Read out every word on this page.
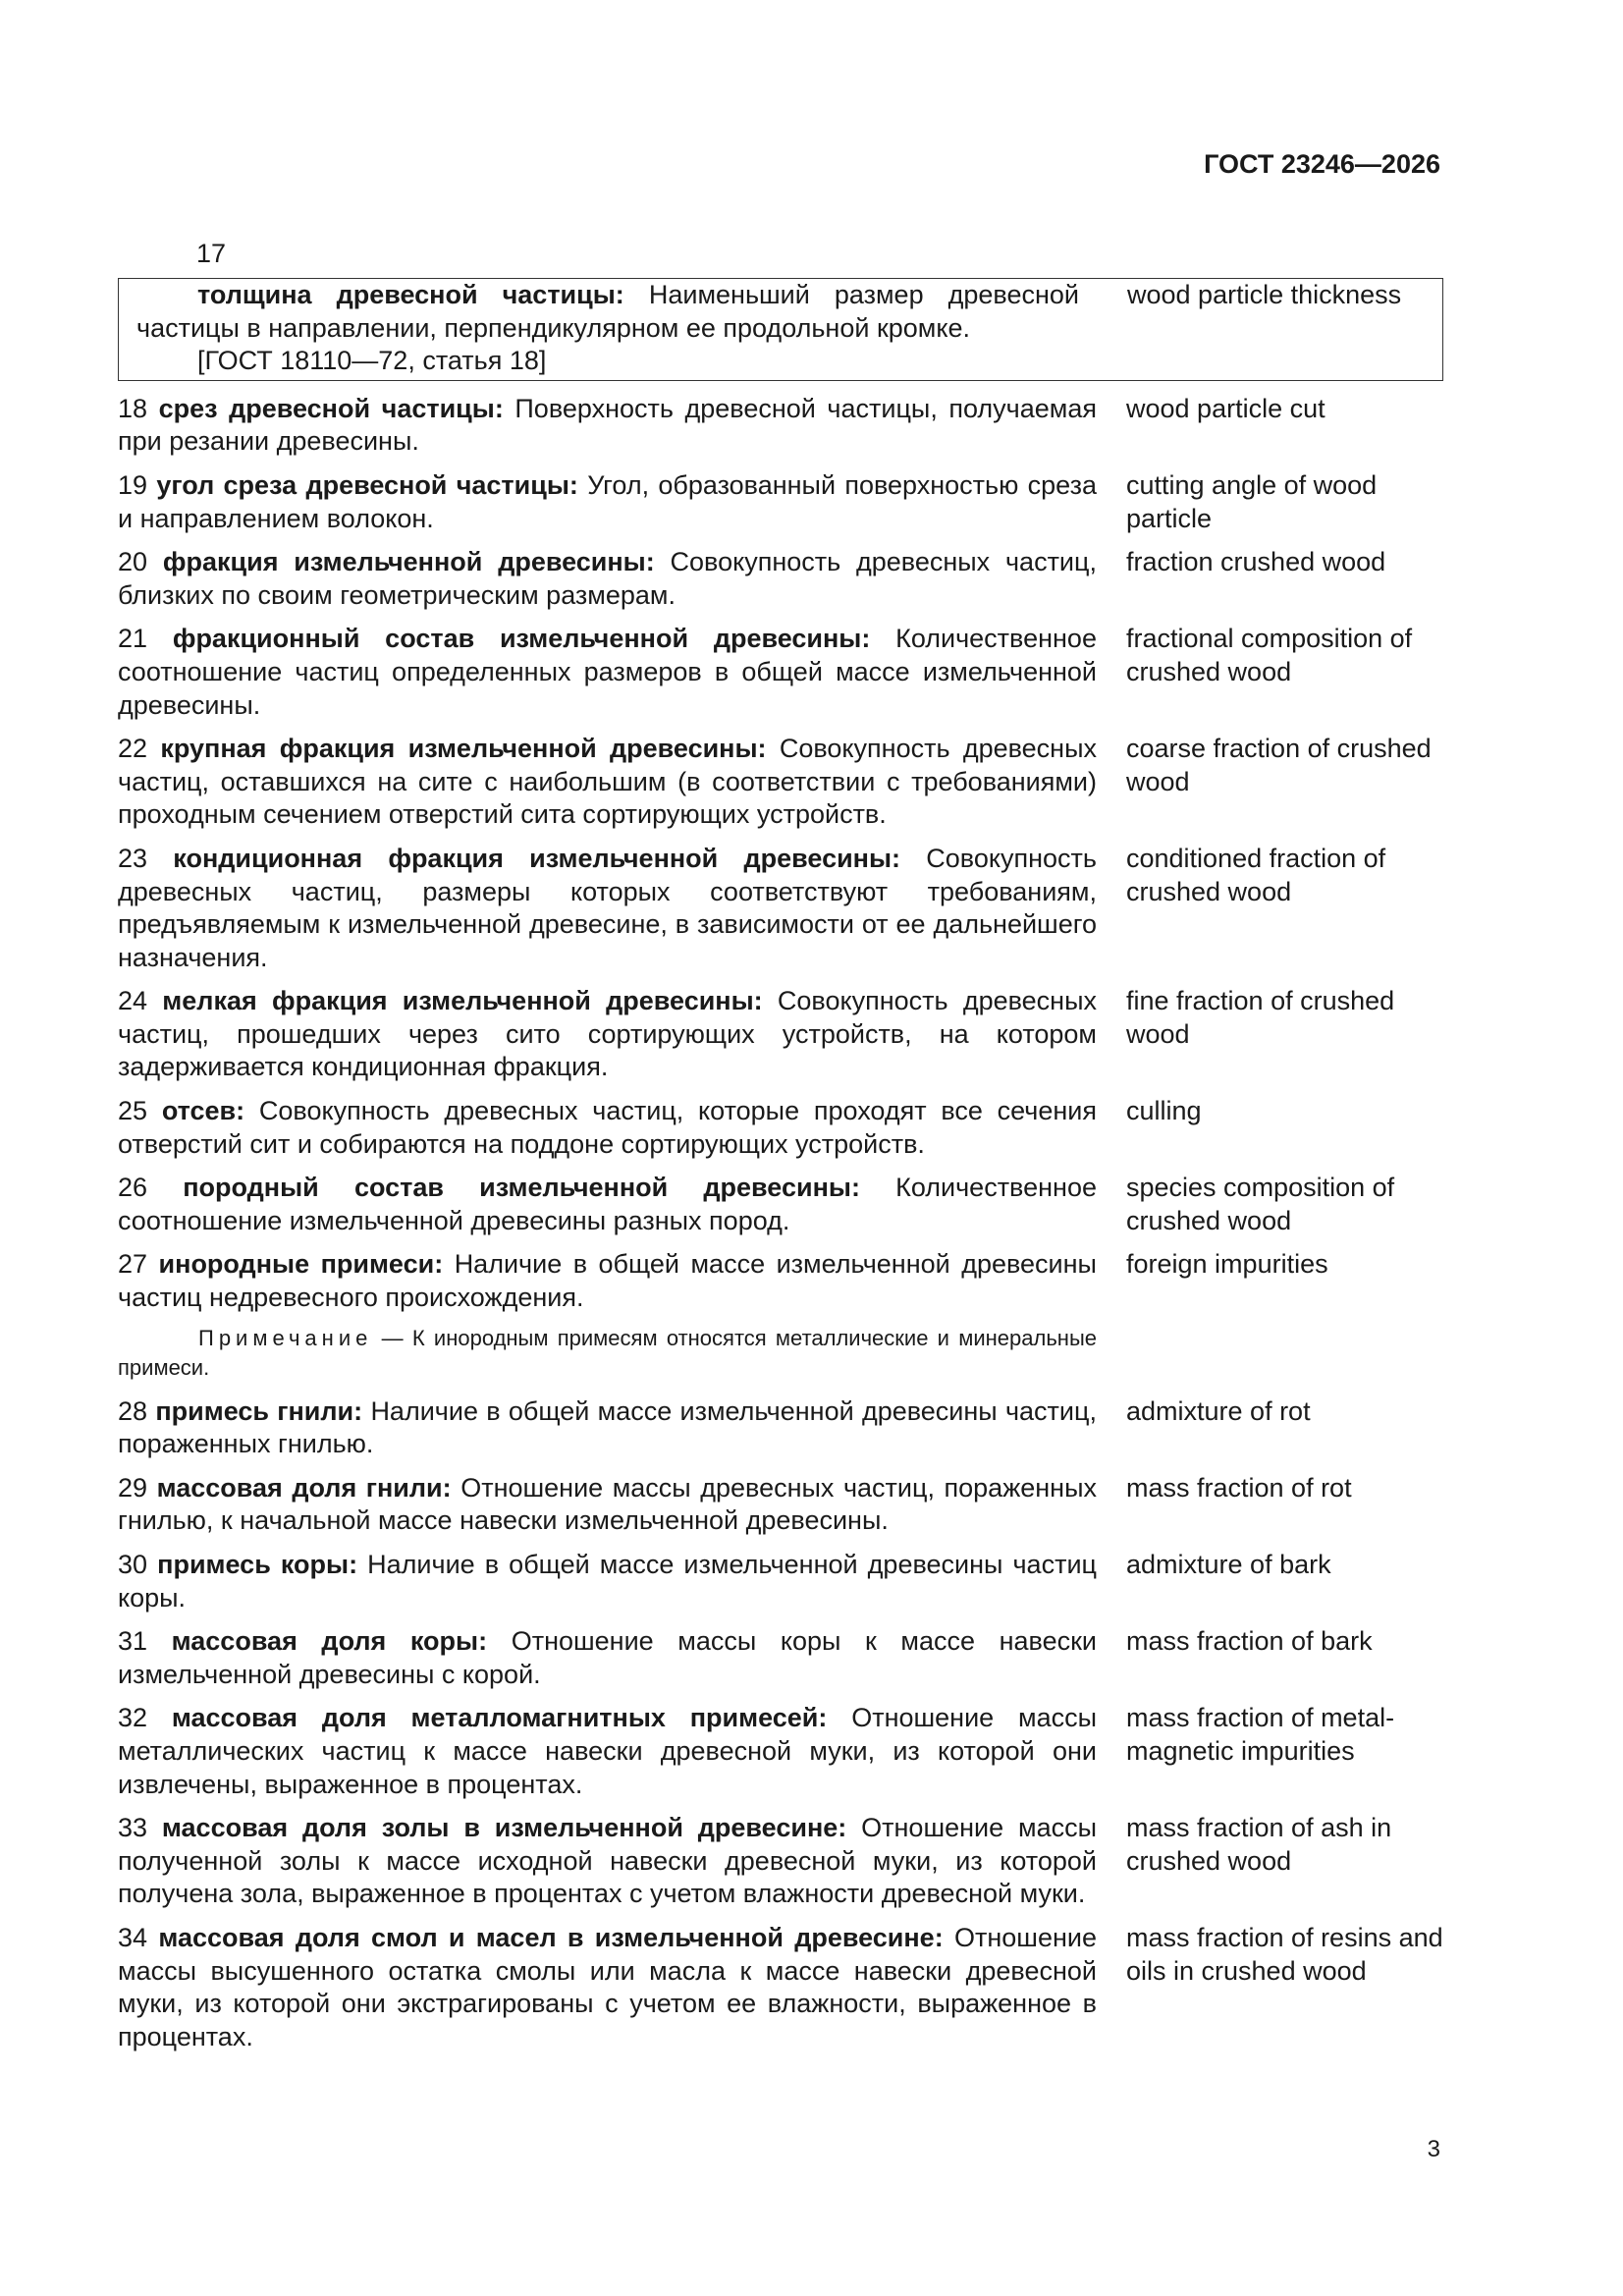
ГОСТ 23246—2026
17
толщина древесной частицы: Наименьший размер древесной частицы в направлении, перпендикулярном ее продольной кромке.
[ГОСТ 18110—72, статья 18]
wood particle thickness
18 срез древесной частицы: Поверхность древесной частицы, получаемая при резании древесины.
wood particle cut
19 угол среза древесной частицы: Угол, образованный поверхностью среза и направлением волокон.
cutting angle of wood particle
20 фракция измельченной древесины: Совокупность древесных частиц, близких по своим геометрическим размерам.
fraction crushed wood
21 фракционный состав измельченной древесины: Количественное соотношение частиц определенных размеров в общей массе измельченной древесины.
fractional composition of crushed wood
22 крупная фракция измельченной древесины: Совокупность древесных частиц, оставшихся на сите с наибольшим (в соответствии с требованиями) проходным сечением отверстий сита сортирующих устройств.
coarse fraction of crushed wood
23 кондиционная фракция измельченной древесины: Совокупность древесных частиц, размеры которых соответствуют требованиям, предъявляемым к измельченной древесине, в зависимости от ее дальнейшего назначения.
conditioned fraction of crushed wood
24 мелкая фракция измельченной древесины: Совокупность древесных частиц, прошедших через сито сортирующих устройств, на котором задерживается кондиционная фракция.
fine fraction of crushed wood
25 отсев: Совокупность древесных частиц, которые проходят все сечения отверстий сит и собираются на поддоне сортирующих устройств.
culling
26 породный состав измельченной древесины: Количественное соотношение измельченной древесины разных пород.
species composition of crushed wood
27 инородные примеси: Наличие в общей массе измельченной древесины частиц недревесного происхождения.
foreign impurities
Примечание — К инородным примесям относятся металлические и минеральные примеси.
28 примесь гнили: Наличие в общей массе измельченной древесины частиц, пораженных гнилью.
admixture of rot
29 массовая доля гнили: Отношение массы древесных частиц, пораженных гнилью, к начальной массе навески измельченной древесины.
mass fraction of rot
30 примесь коры: Наличие в общей массе измельченной древесины частиц коры.
admixture of bark
31 массовая доля коры: Отношение массы коры к массе навески измельченной древесины с корой.
mass fraction of bark
32 массовая доля металломагнитных примесей: Отношение массы металлических частиц к массе навески древесной муки, из которой они извлечены, выраженное в процентах.
mass fraction of metal-magnetic impurities
33 массовая доля золы в измельченной древесине: Отношение массы полученной золы к массе исходной навески древесной муки, из которой получена зола, выраженное в процентах с учетом влажности древесной муки.
mass fraction of ash in crushed wood
34 массовая доля смол и масел в измельченной древесине: Отношение массы высушенного остатка смолы или масла к массе навески древесной муки, из которой они экстрагированы с учетом ее влажности, выраженное в процентах.
mass fraction of resins and oils in crushed wood
3
